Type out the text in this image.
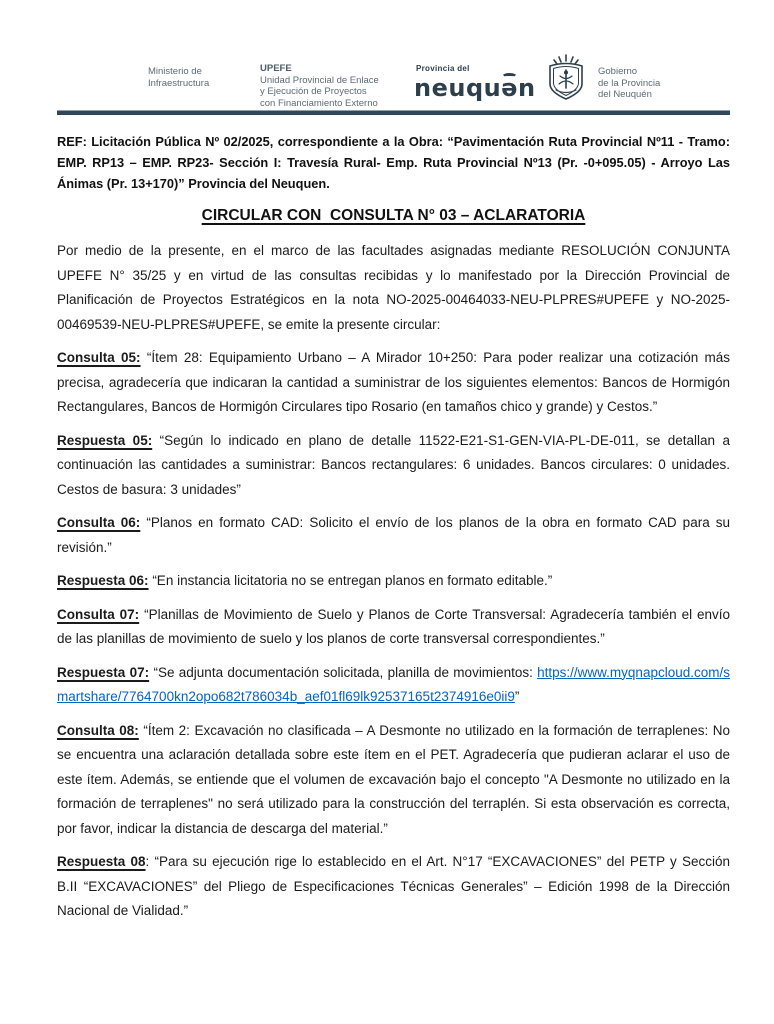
Ministerio de
Infraestructura
UPEFE
Unidad Provincial de Enlace
y Ejecución de Proyectos
con Financiamiento Externo
Provincia del
neuquə
n
Gobierno
de la Provincia
del Neuquén

REF: Licitación Pública Nº 02/2025, correspondiente a la Obra: “Pavimentación Ruta Provincial Nº11 - Tramo: EMP. RP13 – EMP. RP23- Sección I: Travesía Rural- Emp. Ruta Provincial Nº13 (Pr. -0+095.05) - Arroyo Las Ánimas (Pr. 13+170)” Provincia del Neuquen.

CIRCULAR CON  CONSULTA N° 03 – ACLARATORIA

Por medio de la presente, en el marco de las facultades asignadas mediante RESOLUCIÓN CONJUNTA UPEFE N° 35/25 y en virtud de las consultas recibidas y lo manifestado por la Dirección Provincial de Planificación de Proyectos Estratégicos en la nota NO-2025-00464033-NEU-PLPRES#UPEFE y NO-2025-00469539-NEU-PLPRES#UPEFE, se emite la presente circular:

Consulta 05: “Ítem 28: Equipamiento Urbano – A Mirador 10+250: Para poder realizar una cotización más precisa, agradecería que indicaran la cantidad a suministrar de los siguientes elementos: Bancos de Hormigón Rectangulares, Bancos de Hormigón Circulares tipo Rosario (en tamaños chico y grande) y Cestos.”

Respuesta 05: “Según lo indicado en plano de detalle 11522-E21-S1-GEN-VIA-PL-DE-011, se detallan a continuación las cantidades a suministrar: Bancos rectangulares: 6 unidades. Bancos circulares: 0 unidades. Cestos de basura: 3 unidades”

Consulta 06: “Planos en formato CAD: Solicito el envío de los planos de la obra en formato CAD para su revisión.”

Respuesta 06: “En instancia licitatoria no se entregan planos en formato editable.”

Consulta 07: “Planillas de Movimiento de Suelo y Planos de Corte Transversal: Agradecería también el envío de las planillas de movimiento de suelo y los planos de corte transversal correspondientes.”

Respuesta 07: “Se adjunta documentación solicitada, planilla de movimientos: https://www.myqnapcloud.com/smartshare/7764700kn2opo682t786034b_aef01fl69lk92537165t2374916e0ii9”

Consulta 08: “Ítem 2: Excavación no clasificada – A Desmonte no utilizado en la formación de terraplenes: No se encuentra una aclaración detallada sobre este ítem en el PET. Agradecería que pudieran aclarar el uso de este ítem. Además, se entiende que el volumen de excavación bajo el concepto "A Desmonte no utilizado en la formación de terraplenes" no será utilizado para la construcción del terraplén. Si esta observación es correcta, por favor, indicar la distancia de descarga del material.”

Respuesta 08: “Para su ejecución rige lo establecido en el Art. N°17 “EXCAVACIONES” del PETP y Sección B.II “EXCAVACIONES” del Pliego de Especificaciones Técnicas Generales” – Edición 1998 de la Dirección Nacional de Vialidad.”
